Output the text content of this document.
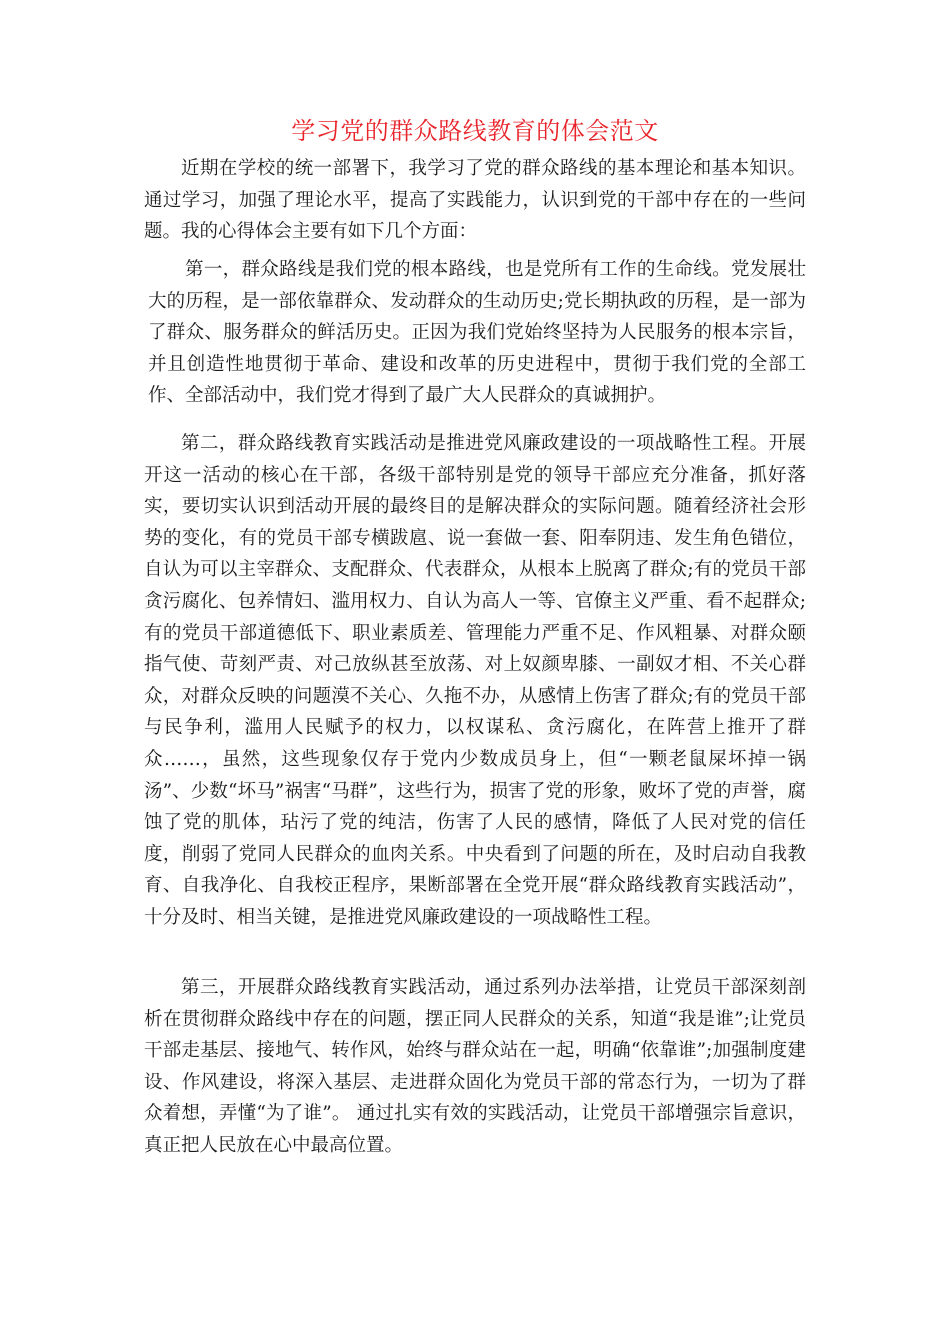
学习党的群众路线教育的体会范文

近期在学校的统一部署下，我学习了党的群众路线的基本理论和基本知识。通过学习，加强了理论水平，提高了实践能力，认识到党的干部中存在的一些问题。我的心得体会主要有如下几个方面：

第一，群众路线是我们党的根本路线，也是党所有工作的生命线。党发展壮大的历程，是一部依靠群众、发动群众的生动历史;党长期执政的历程，是一部为了群众、服务群众的鲜活历史。正因为我们党始终坚持为人民服务的根本宗旨，并且创造性地贯彻于革命、建设和改革的历史进程中，贯彻于我们党的全部工作、全部活动中，我们党才得到了最广大人民群众的真诚拥护。

第二，群众路线教育实践活动是推进党风廉政建设的一项战略性工程。开展开这一活动的核心在干部，各级干部特别是党的领导干部应充分准备，抓好落实，要切实认识到活动开展的最终目的是解决群众的实际问题。随着经济社会形势的变化，有的党员干部专横跋扈、说一套做一套、阳奉阴违、发生角色错位，自认为可以主宰群众、支配群众、代表群众，从根本上脱离了群众;有的党员干部贪污腐化、包养情妇、滥用权力、自认为高人一等、官僚主义严重、看不起群众;有的党员干部道德低下、职业素质差、管理能力严重不足、作风粗暴、对群众颐指气使、苛刻严责、对己放纵甚至放荡、对上奴颜卑膝、一副奴才相、不关心群众，对群众反映的问题漠不关心、久拖不办，从感情上伤害了群众;有的党员干部与民争利，滥用人民赋予的权力，以权谋私、贪污腐化，在阵营上推开了群众……，虽然，这些现象仅存于党内少数成员身上，但“一颗老鼠屎坏掉一锅汤”、少数“坏马”祸害“马群”，这些行为，损害了党的形象，败坏了党的声誉，腐蚀了党的肌体，玷污了党的纯洁，伤害了人民的感情，降低了人民对党的信任度，削弱了党同人民群众的血肉关系。中央看到了问题的所在，及时启动自我教育、自我净化、自我校正程序，果断部署在全党开展“群众路线教育实践活动”，十分及时、相当关键，是推进党风廉政建设的一项战略性工程。

第三，开展群众路线教育实践活动，通过系列办法举措，让党员干部深刻剖析在贯彻群众路线中存在的问题，摆正同人民群众的关系，知道“我是谁”;让党员干部走基层、接地气、转作风，始终与群众站在一起，明确“依靠谁”;加强制度建设、作风建设，将深入基层、走进群众固化为党员干部的常态行为，一切为了群众着想，弄懂“为了谁”。 通过扎实有效的实践活动，让党员干部增强宗旨意识，真正把人民放在心中最高位置。
